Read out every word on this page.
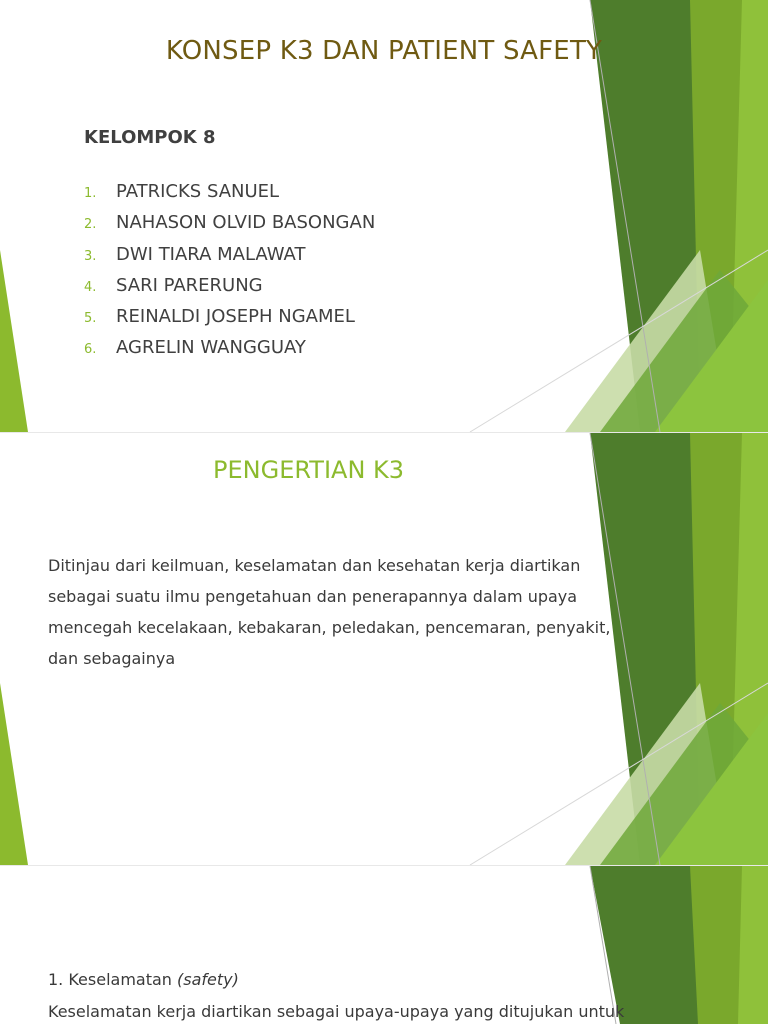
KONSEP K3 DAN PATIENT SAFETY
KELOMPOK 8
1. PATRICKS SANUEL
2. NAHASON OLVID BASONGAN
3. DWI TIARA MALAWAT
4. SARI PARERUNG
5. REINALDI JOSEPH NGAMEL
6. AGRELIN WANGGUAY
PENGERTIAN K3
Ditinjau dari keilmuan, keselamatan dan kesehatan kerja diartikan
sebagai suatu ilmu pengetahuan dan penerapannya dalam upaya
mencegah kecelakaan, kebakaran, peledakan, pencemaran, penyakit,
dan sebagainya
1. Keselamatan (safety)
Keselamatan kerja diartikan sebagai upaya-upaya yang ditujukan untuk
